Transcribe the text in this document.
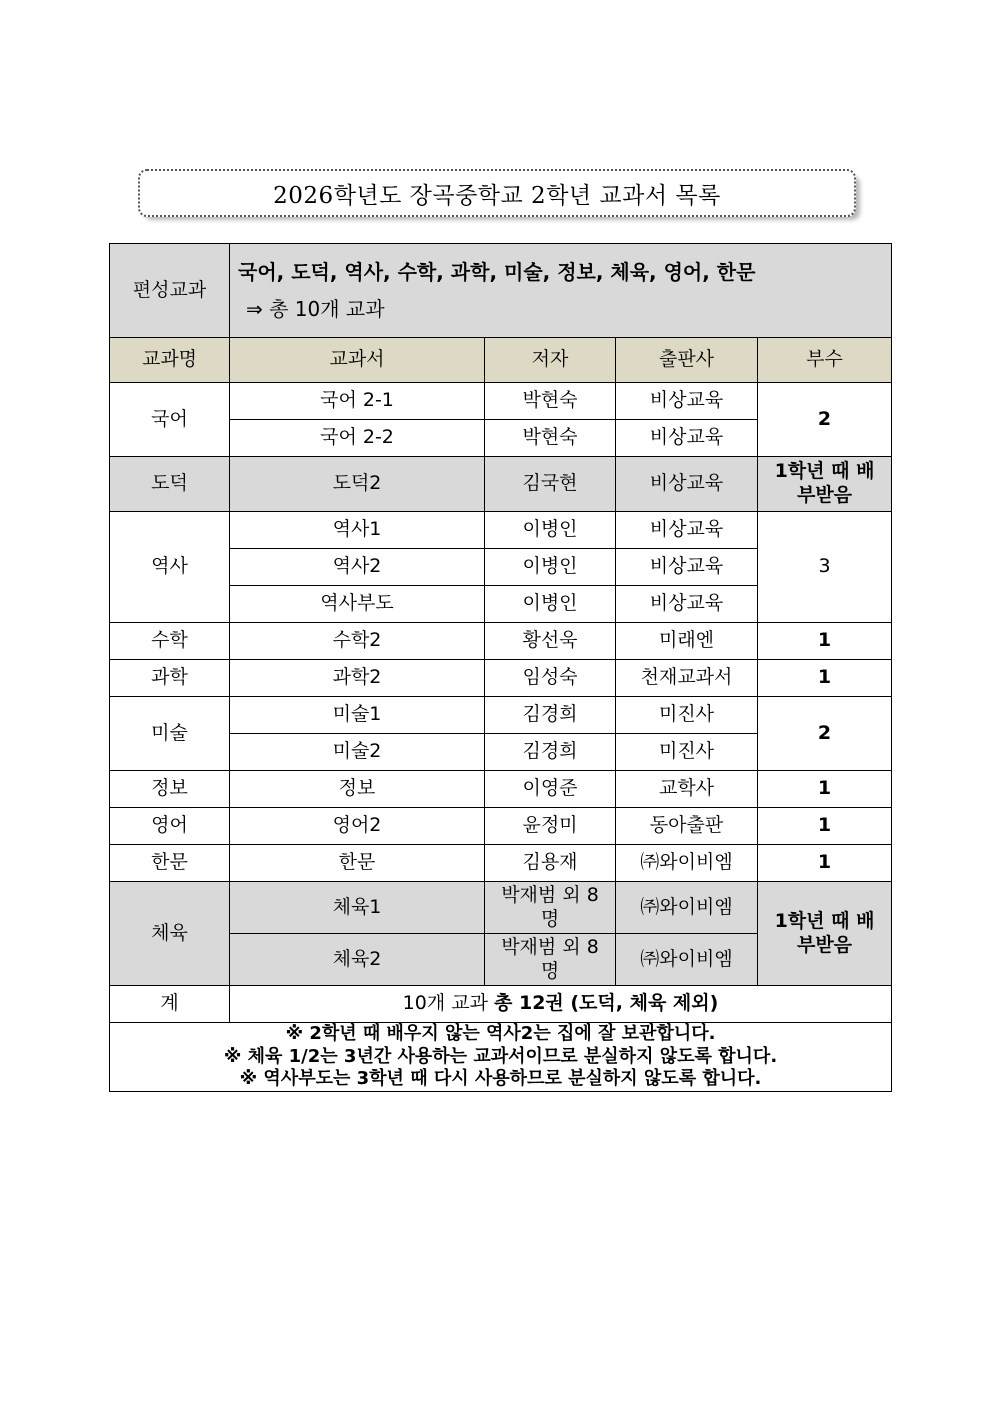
2026학년도 장곡중학교 2학년 교과서 목록
편성교과	국어, 도덕, 역사, 수학, 과학, 미술, 정보, 체육, 영어, 한문
⇒ 총 10개 교과			

교과명	교과서	저자	출판사	부수
국어	국어 2-1	박현숙	비상교육	2
	국어 2-2	박현숙	비상교육	
도덕	도덕2	김국현	비상교육	1학년 때 배부받음
역사	역사1	이병인	비상교육	3
	역사2	이병인	비상교육	
	역사부도	이병인	비상교육	
수학	수학2	황선욱	미래엔	1
과학	과학2	임성숙	천재교과서	1
미술	미술1	김경희	미진사	2
	미술2	김경희	미진사	
정보	정보	이영준	교학사	1
영어	영어2	윤정미	동아출판	1
한문	한문	김용재	㈜와이비엠	1
체육	체육1	박재범 외 8명	㈜와이비엠	1학년 때 배부받음
	체육2	박재범 외 8명	㈜와이비엠	
계	10개 교과 총 12권 (도덕, 체육 제외)			

※ 2학년 때 배우지 않는 역사2는 집에 잘 보관합니다.
※ 체육 1/2는 3년간 사용하는 교과서이므로 분실하지 않도록 합니다.
※ 역사부도는 3학년 때 다시 사용하므로 분실하지 않도록 합니다.				
